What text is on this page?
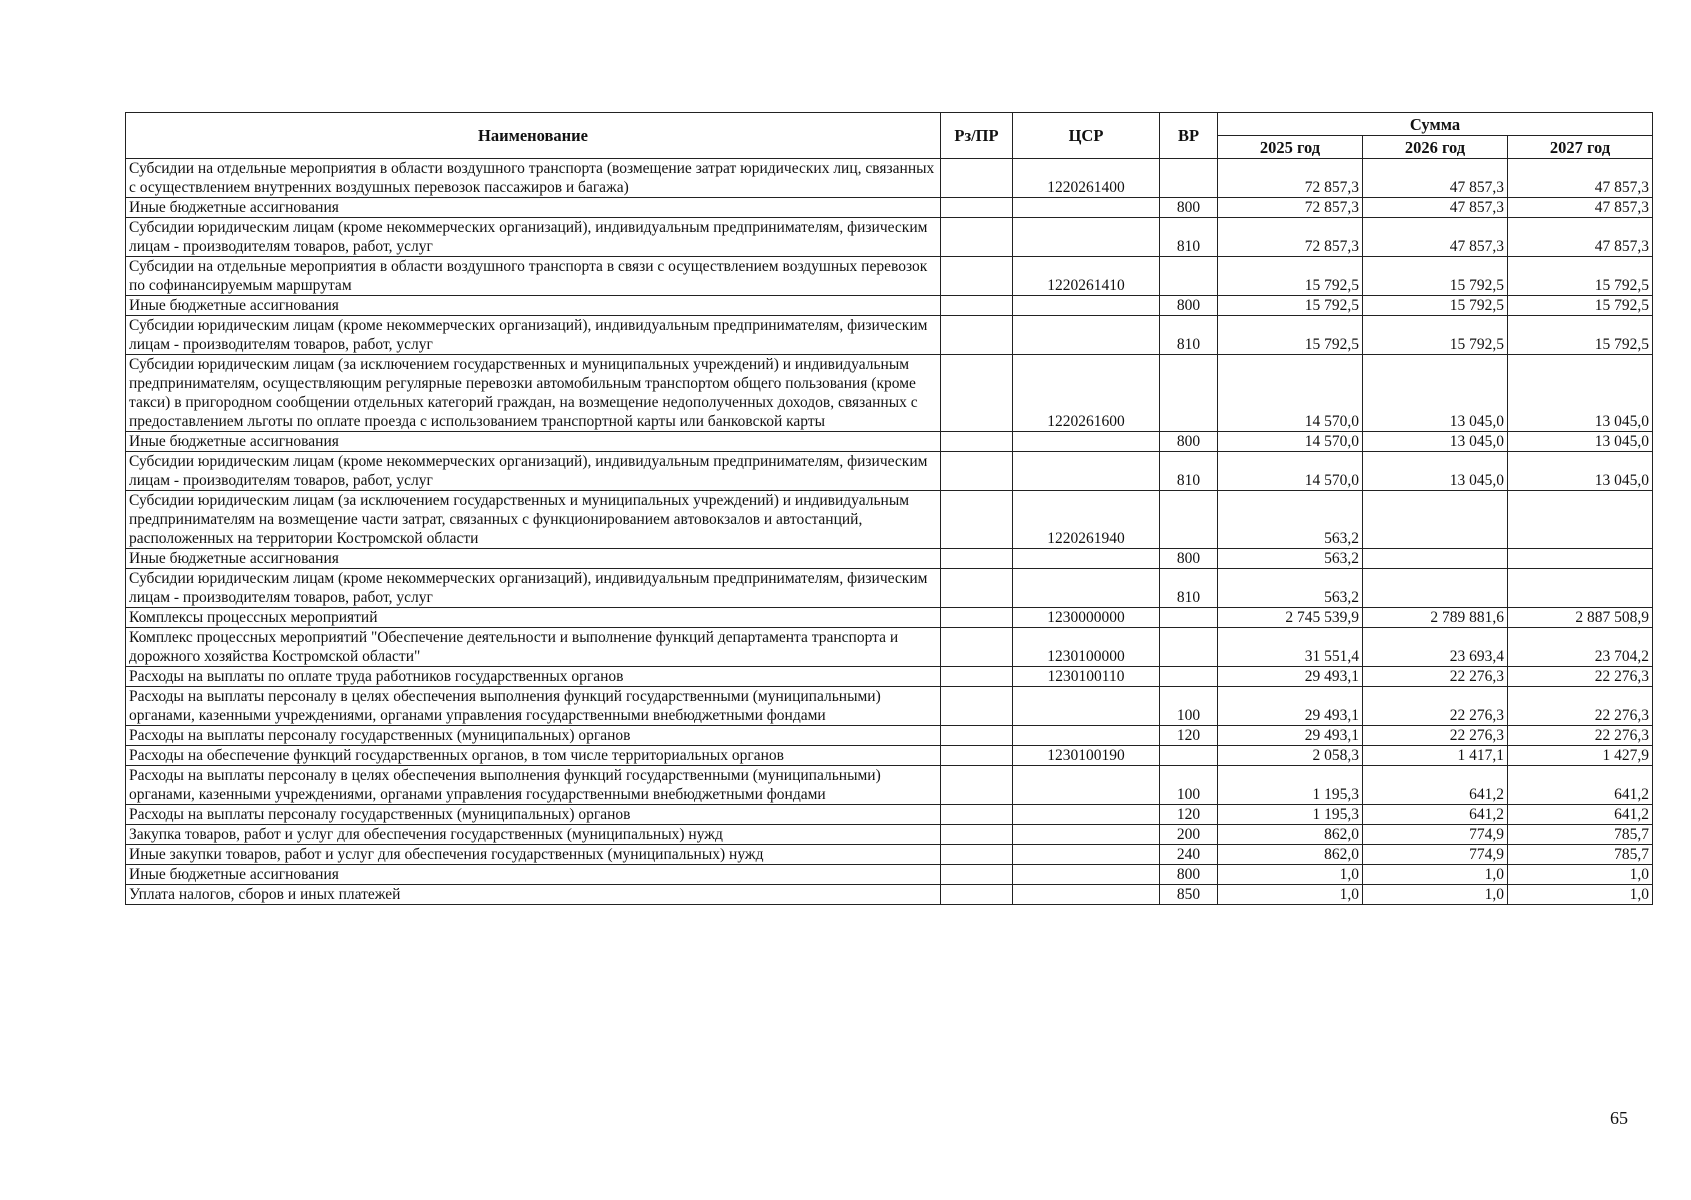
Наименование	Рз/ПР	ЦСР	ВР	Сумма		
				2025 год	2026 год	2027 год
Субсидии на отдельные мероприятия в области воздушного транспорта (возмещение затрат юридических лиц, связанных с осуществлением внутренних воздушных перевозок пассажиров и багажа)		1220261400		72 857,3	47 857,3	47 857,3
Иные бюджетные ассигнования			800	72 857,3	47 857,3	47 857,3
Субсидии юридическим лицам (кроме некоммерческих организаций), индивидуальным предпринимателям, физическим лицам - производителям товаров, работ, услуг			810	72 857,3	47 857,3	47 857,3
Субсидии на отдельные мероприятия в области воздушного транспорта в связи с осуществлением воздушных перевозок по софинансируемым маршрутам		1220261410		15 792,5	15 792,5	15 792,5
Иные бюджетные ассигнования			800	15 792,5	15 792,5	15 792,5
Субсидии юридическим лицам (кроме некоммерческих организаций), индивидуальным предпринимателям, физическим лицам - производителям товаров, работ, услуг			810	15 792,5	15 792,5	15 792,5
Субсидии юридическим лицам (за исключением государственных и муниципальных учреждений) и индивидуальным предпринимателям, осуществляющим регулярные перевозки автомобильным транспортом общего пользования (кроме такси) в пригородном сообщении отдельных категорий граждан, на возмещение недополученных доходов, связанных с предоставлением льготы по оплате проезда с использованием транспортной карты или банковской карты		1220261600		14 570,0	13 045,0	13 045,0
Иные бюджетные ассигнования			800	14 570,0	13 045,0	13 045,0
Субсидии юридическим лицам (кроме некоммерческих организаций), индивидуальным предпринимателям, физическим лицам - производителям товаров, работ, услуг			810	14 570,0	13 045,0	13 045,0
Субсидии юридическим лицам (за исключением государственных и муниципальных учреждений) и индивидуальным предпринимателям на возмещение части затрат, связанных с функционированием автовокзалов и автостанций, расположенных на территории Костромской области		1220261940		563,2		
Иные бюджетные ассигнования			800	563,2		
Субсидии юридическим лицам (кроме некоммерческих организаций), индивидуальным предпринимателям, физическим лицам - производителям товаров, работ, услуг			810	563,2		
Комплексы процессных мероприятий		1230000000		2 745 539,9	2 789 881,6	2 887 508,9
Комплекс процессных мероприятий "Обеспечение деятельности и выполнение функций департамента транспорта и дорожного хозяйства Костромской области"		1230100000		31 551,4	23 693,4	23 704,2
Расходы на выплаты по оплате труда работников государственных органов		1230100110		29 493,1	22 276,3	22 276,3
Расходы на выплаты персоналу в целях обеспечения выполнения функций государственными (муниципальными) органами, казенными учреждениями, органами управления государственными внебюджетными фондами			100	29 493,1	22 276,3	22 276,3
Расходы на выплаты персоналу государственных (муниципальных) органов			120	29 493,1	22 276,3	22 276,3
Расходы на обеспечение функций государственных органов, в том числе территориальных органов		1230100190		2 058,3	1 417,1	1 427,9
Расходы на выплаты персоналу в целях обеспечения выполнения функций государственными (муниципальными) органами, казенными учреждениями, органами управления государственными внебюджетными фондами			100	1 195,3	641,2	641,2
Расходы на выплаты персоналу государственных (муниципальных) органов			120	1 195,3	641,2	641,2
Закупка товаров, работ и услуг для обеспечения государственных (муниципальных) нужд			200	862,0	774,9	785,7
Иные закупки товаров, работ и услуг для обеспечения государственных (муниципальных) нужд			240	862,0	774,9	785,7
Иные бюджетные ассигнования			800	1,0	1,0	1,0
Уплата налогов, сборов и иных платежей			850	1,0	1,0	1,0
65
